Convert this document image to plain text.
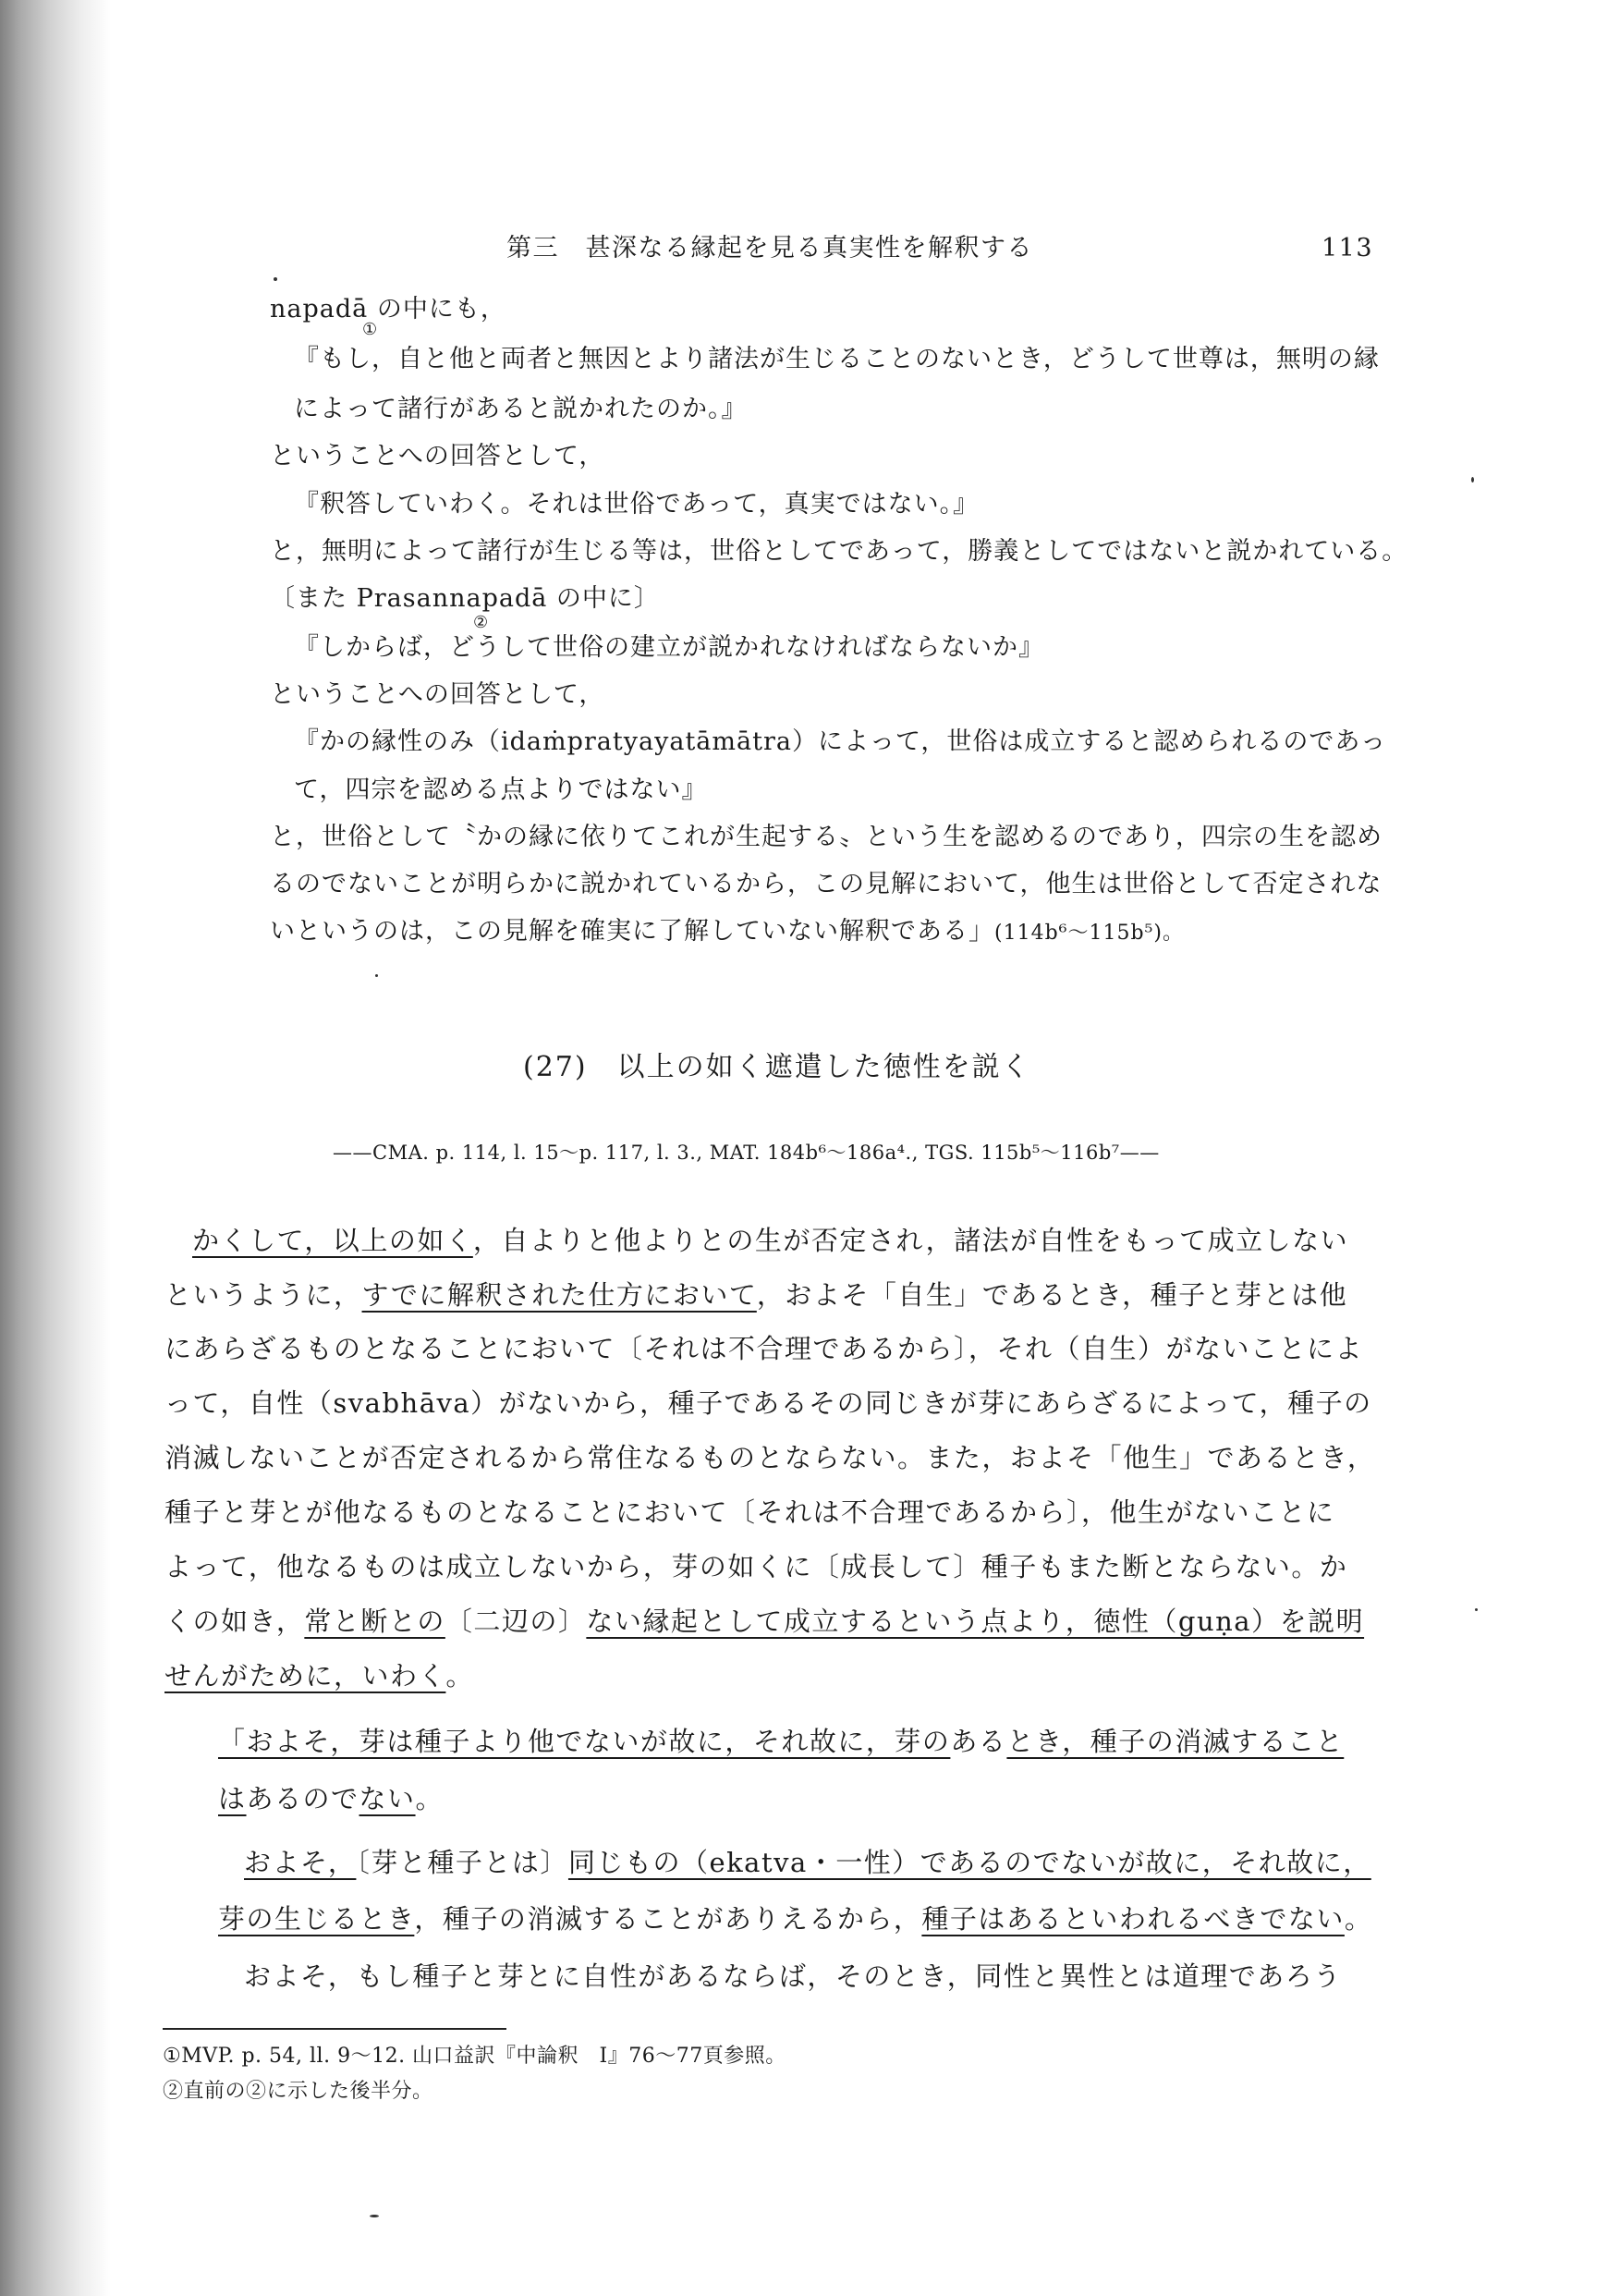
第三　甚深なる縁起を見る真実性を解釈する	113
napadā の中にも，
①
『もし，自と他と両者と無因とより諸法が生じることのないとき，どうして世尊は，無明の縁
によって諸行があると説かれたのか。』
ということへの回答として，
『釈答していわく。それは世俗であって，真実ではない。』
と，無明によって諸行が生じる等は，世俗としてであって，勝義としてではないと説かれている。
〔また Prasannapadā の中に〕
②
『しからば，どうして世俗の建立が説かれなければならないか』
ということへの回答として，
『かの縁性のみ（idaṁpratyayatāmātra）によって，世俗は成立すると認められるのであっ
て，四宗を認める点よりではない』
と，世俗として〝かの縁に依りてこれが生起する〟という生を認めるのであり，四宗の生を認め
るのでないことが明らかに説かれているから，この見解において，他生は世俗として否定されな
いというのは，この見解を確実に了解していない解釈である」(114b⁶～115b⁵)。
(27)　以上の如く遮遣した徳性を説く
——CMA. p. 114, l. 15～p. 117, l. 3., MAT. 184b⁶～186a⁴., TGS. 115b⁵～116b⁷——
かくして，以上の如く，自よりと他よりとの生が否定され，諸法が自性をもって成立しない
というように，すでに解釈された仕方において，およそ「自生」であるとき，種子と芽とは他
にあらざるものとなることにおいて〔それは不合理であるから〕，それ（自生）がないことによ
って，自性（svabhāva）がないから，種子であるその同じきが芽にあらざるによって，種子の
消滅しないことが否定されるから常住なるものとならない。また，およそ「他生」であるとき，
種子と芽とが他なるものとなることにおいて〔それは不合理であるから〕，他生がないことに
よって，他なるものは成立しないから，芽の如くに〔成長して〕種子もまた断とならない。か
くの如き，常と断との〔二辺の〕ない縁起として成立するという点より，徳性（guṇa）を説明
せんがために，いわく。
「およそ，芽は種子より他でないが故に，それ故に，芽のあるとき，種子の消滅すること
はあるのでない。
およそ，〔芽と種子とは〕同じもの（ekatva・一性）であるのでないが故に，それ故に，
芽の生じるとき，種子の消滅することがありえるから，種子はあるといわれるべきでない。
およそ，もし種子と芽とに自性があるならば，そのとき，同性と異性とは道理であろう
①MVP. p. 54, ll. 9～12. 山口益訳『中論釈　Ⅰ』76～77頁参照。
②直前の②に示した後半分。
